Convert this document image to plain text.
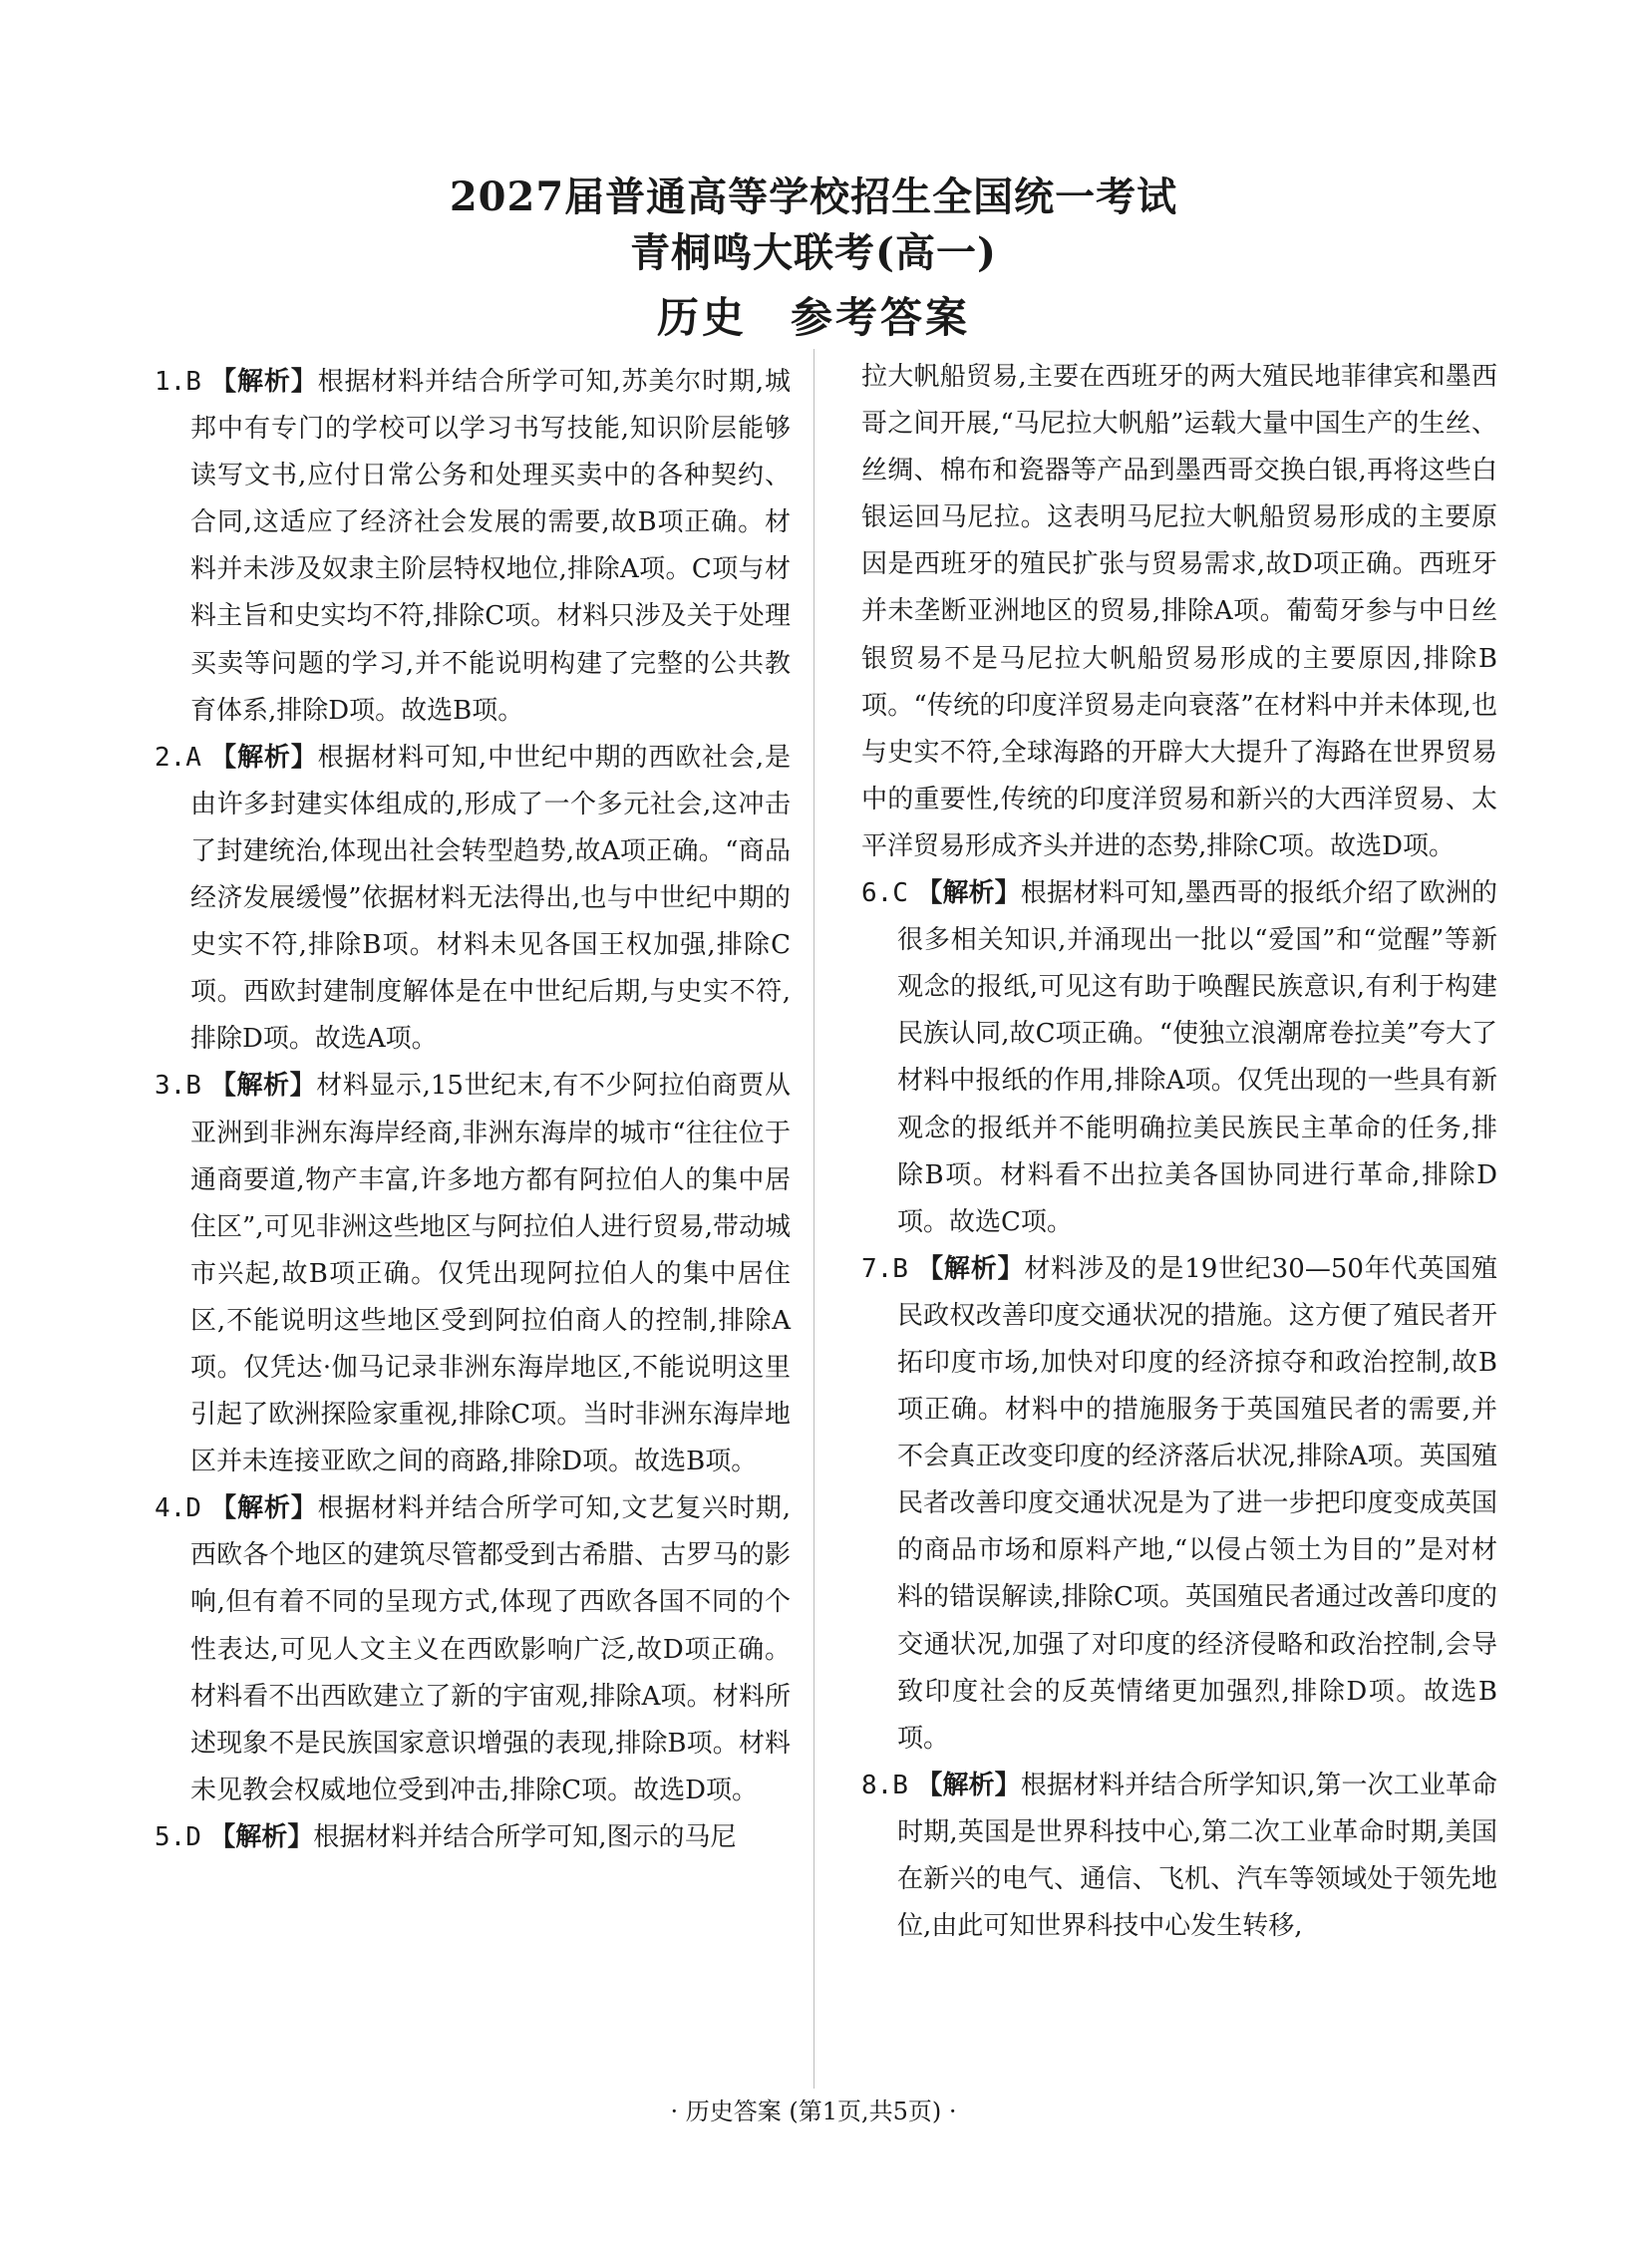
2027届普通高等学校招生全国统一考试
青桐鸣大联考(高一)
历史 参考答案

1.B 【解析】根据材料并结合所学可知,苏美尔时期,城邦中有专门的学校可以学习书写技能,知识阶层能够读写文书,应付日常公务和处理买卖中的各种契约、合同,这适应了经济社会发展的需要,故B项正确。材料并未涉及奴隶主阶层特权地位,排除A项。C项与材料主旨和史实均不符,排除C项。材料只涉及关于处理买卖等问题的学习,并不能说明构建了完整的公共教育体系,排除D项。故选B项。

2.A 【解析】根据材料可知,中世纪中期的西欧社会,是由许多封建实体组成的,形成了一个多元社会,这冲击了封建统治,体现出社会转型趋势,故A项正确。“商品经济发展缓慢”依据材料无法得出,也与中世纪中期的史实不符,排除B项。材料未见各国王权加强,排除C项。西欧封建制度解体是在中世纪后期,与史实不符,排除D项。故选A项。

3.B 【解析】材料显示,15世纪末,有不少阿拉伯商贾从亚洲到非洲东海岸经商,非洲东海岸的城市“往往位于通商要道,物产丰富,许多地方都有阿拉伯人的集中居住区”,可见非洲这些地区与阿拉伯人进行贸易,带动城市兴起,故B项正确。仅凭出现阿拉伯人的集中居住区,不能说明这些地区受到阿拉伯商人的控制,排除A项。仅凭达·伽马记录非洲东海岸地区,不能说明这里引起了欧洲探险家重视,排除C项。当时非洲东海岸地区并未连接亚欧之间的商路,排除D项。故选B项。

4.D 【解析】根据材料并结合所学可知,文艺复兴时期,西欧各个地区的建筑尽管都受到古希腊、古罗马的影响,但有着不同的呈现方式,体现了西欧各国不同的个性表达,可见人文主义在西欧影响广泛,故D项正确。材料看不出西欧建立了新的宇宙观,排除A项。材料所述现象不是民族国家意识增强的表现,排除B项。材料未见教会权威地位受到冲击,排除C项。故选D项。

5.D 【解析】根据材料并结合所学可知,图示的马尼

拉大帆船贸易,主要在西班牙的两大殖民地菲律宾和墨西哥之间开展,“马尼拉大帆船”运载大量中国生产的生丝、丝绸、棉布和瓷器等产品到墨西哥交换白银,再将这些白银运回马尼拉。这表明马尼拉大帆船贸易形成的主要原因是西班牙的殖民扩张与贸易需求,故D项正确。西班牙并未垄断亚洲地区的贸易,排除A项。葡萄牙参与中日丝银贸易不是马尼拉大帆船贸易形成的主要原因,排除B项。“传统的印度洋贸易走向衰落”在材料中并未体现,也与史实不符,全球海路的开辟大大提升了海路在世界贸易中的重要性,传统的印度洋贸易和新兴的大西洋贸易、太平洋贸易形成齐头并进的态势,排除C项。故选D项。

6.C 【解析】根据材料可知,墨西哥的报纸介绍了欧洲的很多相关知识,并涌现出一批以“爱国”和“觉醒”等新观念的报纸,可见这有助于唤醒民族意识,有利于构建民族认同,故C项正确。“使独立浪潮席卷拉美”夸大了材料中报纸的作用,排除A项。仅凭出现的一些具有新观念的报纸并不能明确拉美民族民主革命的任务,排除B项。材料看不出拉美各国协同进行革命,排除D项。故选C项。

7.B 【解析】材料涉及的是19世纪30—50年代英国殖民政权改善印度交通状况的措施。这方便了殖民者开拓印度市场,加快对印度的经济掠夺和政治控制,故B项正确。材料中的措施服务于英国殖民者的需要,并不会真正改变印度的经济落后状况,排除A项。英国殖民者改善印度交通状况是为了进一步把印度变成英国的商品市场和原料产地,“以侵占领土为目的”是对材料的错误解读,排除C项。英国殖民者通过改善印度的交通状况,加强了对印度的经济侵略和政治控制,会导致印度社会的反英情绪更加强烈,排除D项。故选B项。

8.B 【解析】根据材料并结合所学知识,第一次工业革命时期,英国是世界科技中心,第二次工业革命时期,美国在新兴的电气、通信、飞机、汽车等领域处于领先地位,由此可知世界科技中心发生转移,

· 历史答案 (第1页,共5页) ·
